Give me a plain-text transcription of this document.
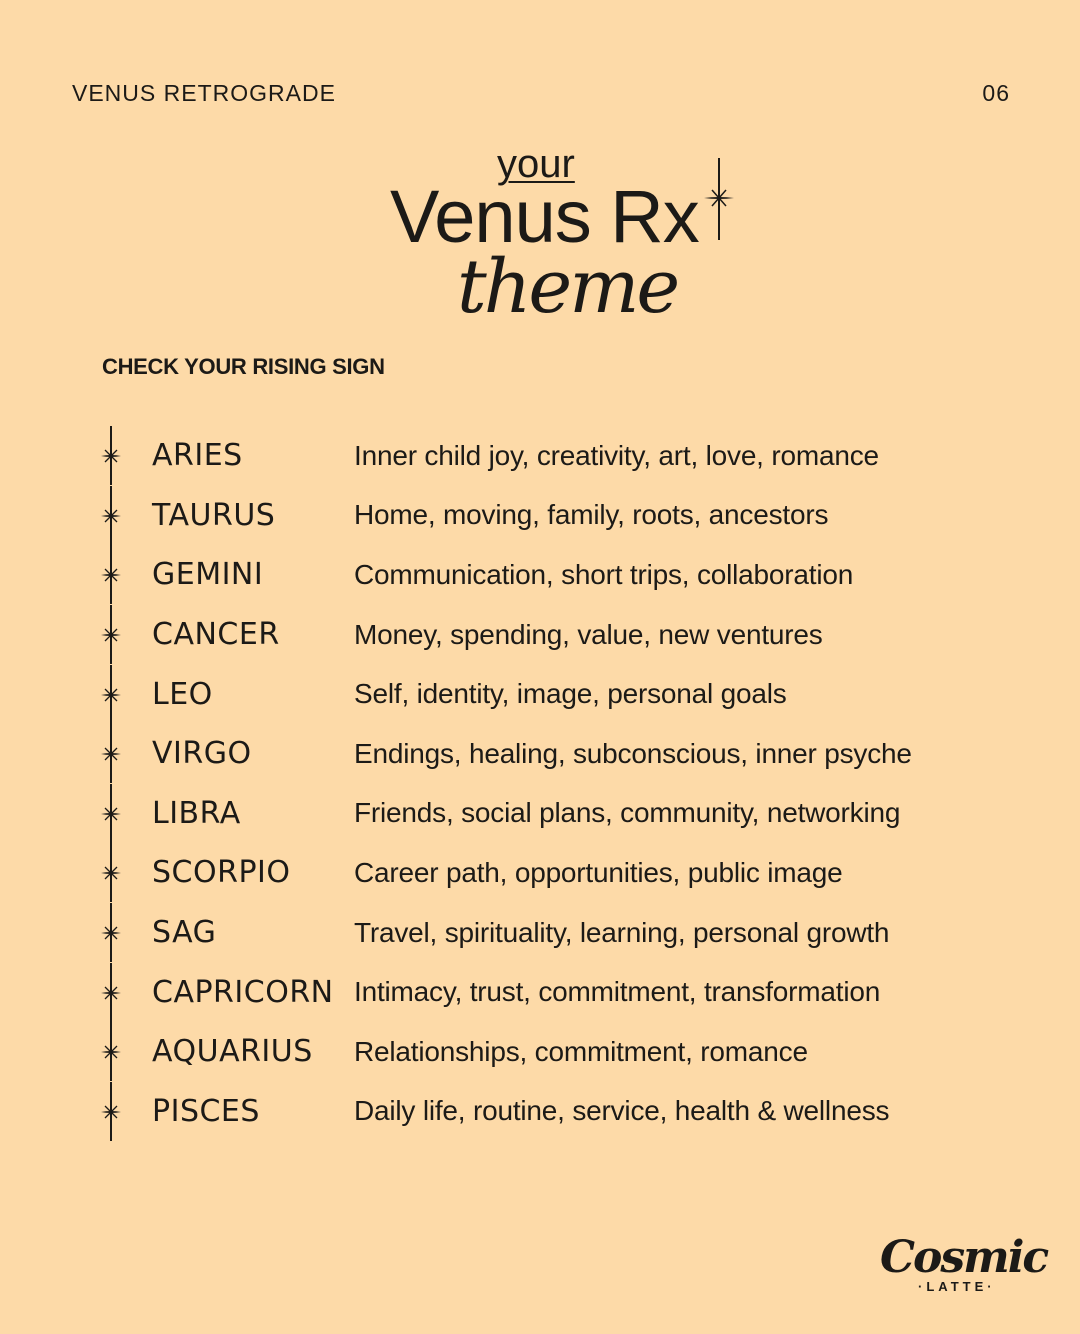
VENUS RETROGRADE	06
your
Venus Rx
theme
CHECK YOUR RISING SIGN
ARIES	Inner child joy, creativity, art, love, romance
TAURUS	Home, moving, family, roots, ancestors
GEMINI	Communication, short trips, collaboration
CANCER	Money, spending, value, new ventures
LEO	Self, identity, image, personal goals
VIRGO	Endings, healing, subconscious, inner psyche
LIBRA	Friends, social plans, community, networking
SCORPIO	Career path, opportunities, public image
SAG	Travel, spirituality, learning, personal growth
CAPRICORN Intimacy, trust, commitment, transformation
AQUARIUS	Relationships, commitment, romance
PISCES	Daily life, routine, service, health & wellness
Cosmic
·LATTE·
